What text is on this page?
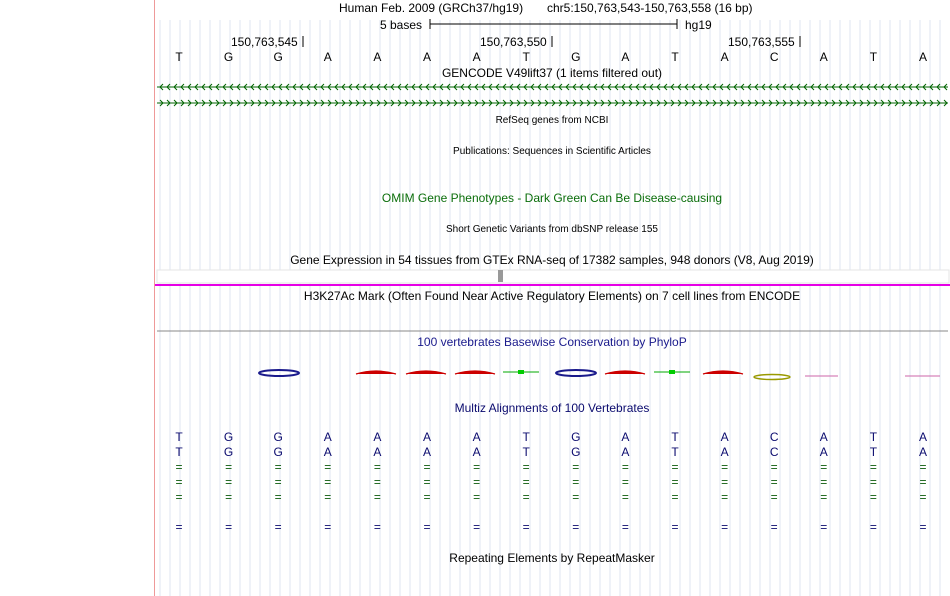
Human Feb. 2009 (GRCh37/hg19) chr5:150,763,543-150,763,558 (16 bp)
5 bases	hg19
150,763,545	150,763,550	150,763,555
T	G	G	A	A	A	A	T	G	A	T	A	C	A	T	A
GENCODE V49lift37 (1 items filtered out)
RefSeq genes from NCBI
Publications: Sequences in Scientific Articles
OMIM Gene Phenotypes - Dark Green Can Be Disease-causing
Short Genetic Variants from dbSNP release 155
Gene Expression in 54 tissues from GTEx RNA-seq of 17382 samples, 948 donors (V8, Aug 2019)
H3K27Ac Mark (Often Found Near Active Regulatory Elements) on 7 cell lines from ENCODE
100 vertebrates Basewise Conservation by PhyloP
Multiz Alignments of 100 Vertebrates
Repeating Elements by RepeatMasker
T	G	G	A	A	A	A	T	G	A	T	A	C	A	T	A
T	G	G	A	A	A	A	T	G	A	T	A	C	A	T	A
=	=	=	=	=	=	=	=	=	=	=	=	=	=	=	=
=	=	=	=	=	=	=	=	=	=	=	=	=	=	=	=
=	=	=	=	=	=	=	=	=	=	=	=	=	=	=	=
=	=	=	=	=	=	=	=	=	=	=	=	=	=	=	=
